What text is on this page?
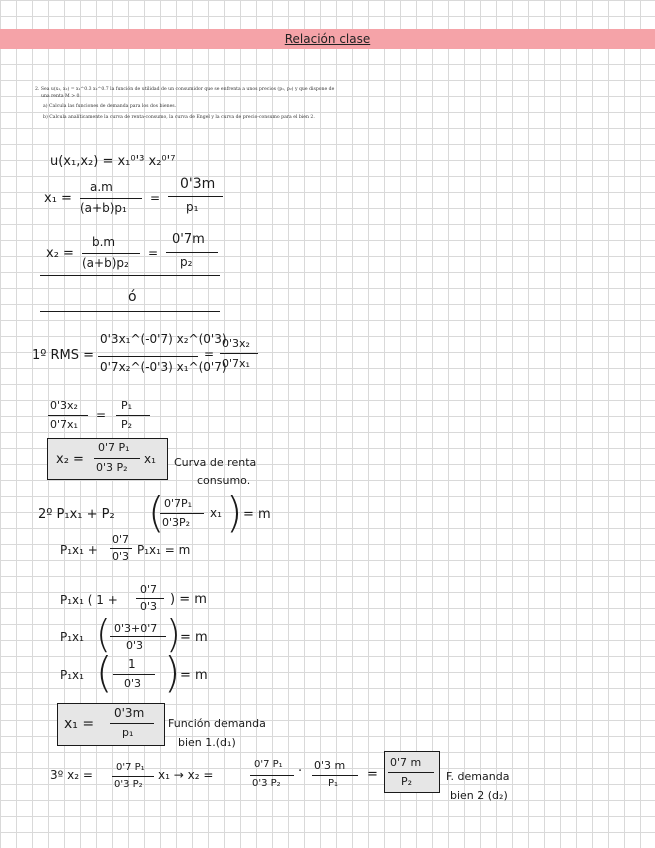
Relación clase
2. Sea u(x₁, x₂) = x₁^0.3 x₂^0.7 la función de utilidad de un consumidor que se enfrenta a unos precios (p₁, p₂) y que dispone de
una renta M > 0.
a) Calcula las funciones de demanda para los dos bienes.
b) Calcula analíticamente la curva de renta-consumo, la curva de Engel y la curva de precio-consumo para el bien 2.
u(x₁,x₂) = x₁⁰'³ x₂⁰'⁷
x₁ =
a.m
(a+b)p₁
=
0'3m
p₁
x₂ =
b.m
(a+b)p₂
=
0'7m
p₂
ó
1º RMS =
0'3x₁^(-0'7) x₂^(0'3)
0'7x₂^(-0'3) x₁^(0'7)
=
0'3x₂
0'7x₁
0'3x₂
0'7x₁
=
P₁
P₂
x₂ =
0'7 P₁
0'3 P₂
x₁ Curva de renta
consumo.
2º P₁x₁ + P₂ ( 0'7P₁
0'3P₂
x₁ ) = m
P₁x₁ +
0'7
0'3 P₁x₁ = m
P₁x₁ ( 1 +
0'7
0'3 ) = m
P₁x₁ ( 0'3+0'7
0'3 ) = m
P₁x₁ ( 1
0'3 ) = m
x₁ =
0'3m
p₁
Función demanda
bien 1.(d₁)
3º x₂ =
0'7 P₁
0'3 P₂
x₁ → x₂ =
0'7 P₁
0'3 P₂
· 0'3 m
P₁
=
0'7 m
P₂	F. demanda
bien 2 (d₂)
